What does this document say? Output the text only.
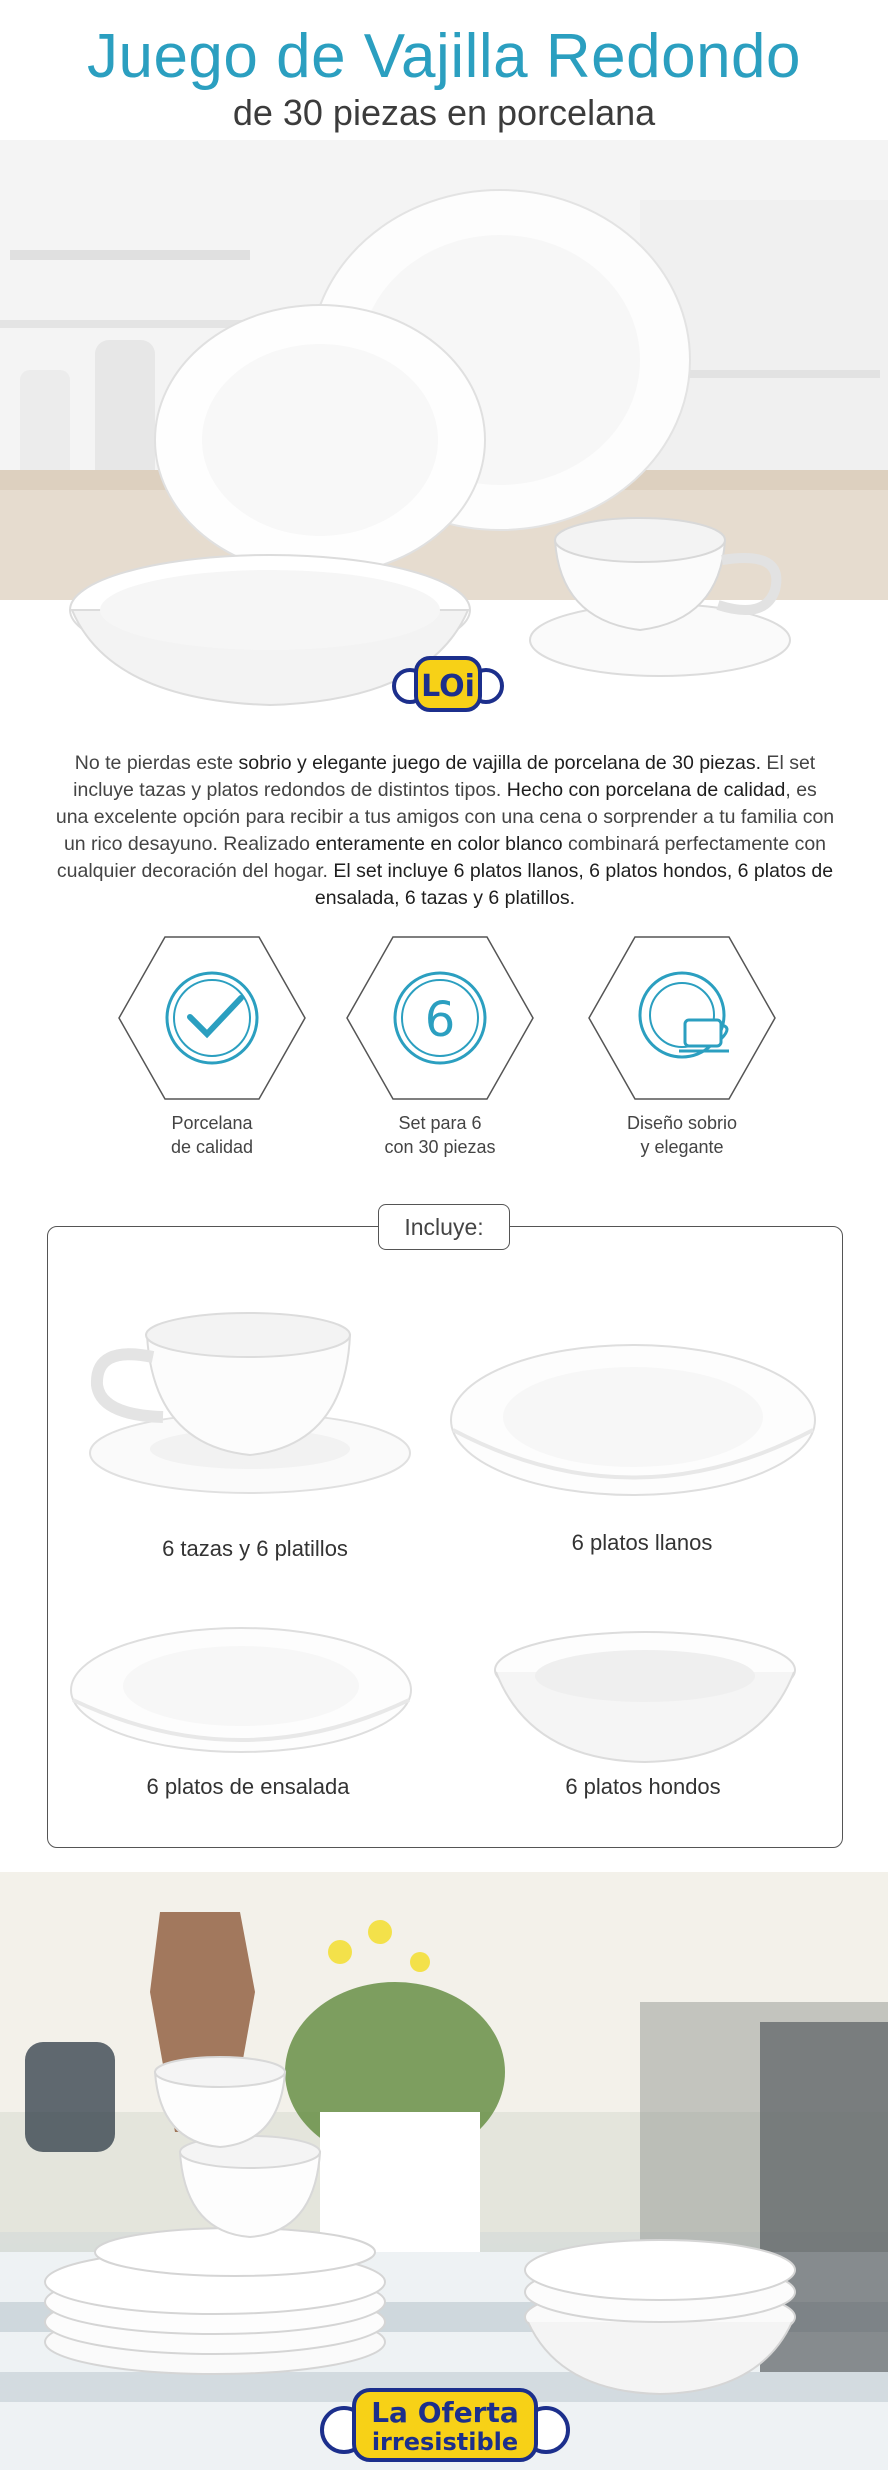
Juego de Vajilla Redondo
de 30 piezas en porcelana
LOi
No te pierdas este sobrio y elegante juego de vajilla de porcelana de 30 piezas. El set incluye tazas y platos redondos de distintos tipos. Hecho con porcelana de calidad, es una excelente opción para recibir a tus amigos con una cena o sorprender a tu familia con un rico desayuno. Realizado enteramente en color blanco combinará perfectamente con cualquier decoración del hogar. El set incluye 6 platos llanos, 6 platos hondos, 6 platos de ensalada, 6 tazas y 6 platillos.
Porcelana
de calidad
6
Set para 6
con 30 piezas
Diseño sobrio
y elegante
Incluye:
6 tazas y 6 platillos	6 platos llanos
6 platos de ensalada	6 platos hondos
La Oferta
irresistible
